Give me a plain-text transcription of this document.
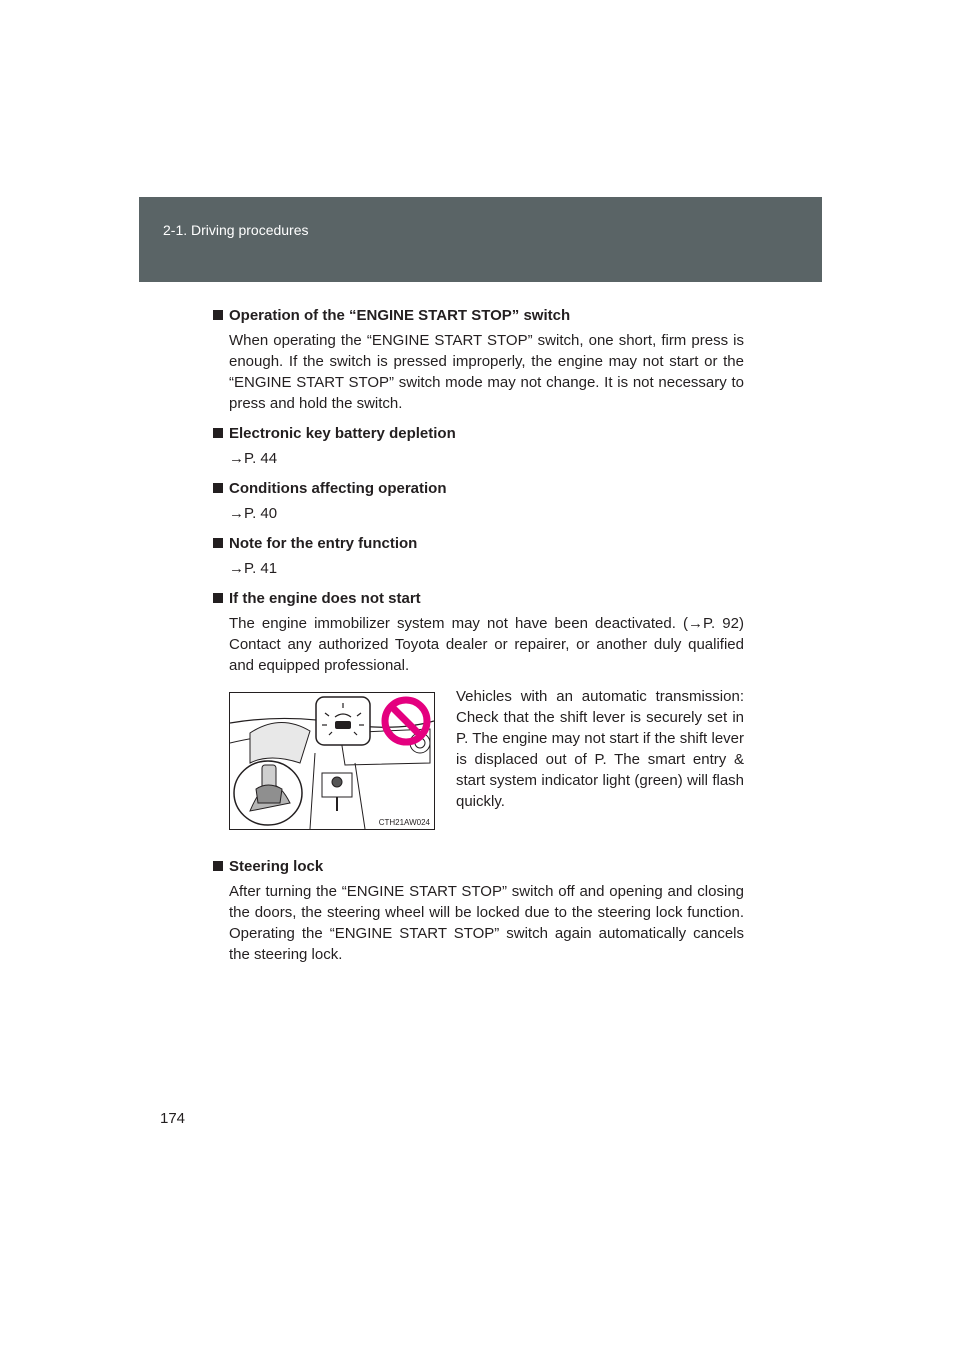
2-1. Driving procedures

Operation of the “ENGINE START STOP” switch

When operating the “ENGINE START STOP” switch, one short, firm press is enough. If the switch is pressed improperly, the engine may not start or the “ENGINE START STOP” switch mode may not change. It is not necessary to press and hold the switch.

Electronic key battery depletion

→P. 44

Conditions affecting operation

→P. 40

Note for the entry function

→P. 41

If the engine does not start

The engine immobilizer system may not have been deactivated. (→P. 92) Contact any authorized Toyota dealer or repairer, or another duly qualified and equipped professional.

CTH21AW024

Vehicles with an automatic transmission: Check that the shift lever is securely set in P. The engine may not start if the shift lever is displaced out of P. The smart entry & start system indicator light (green) will flash quickly.

Steering lock

After turning the “ENGINE START STOP” switch off and opening and closing the doors, the steering wheel will be locked due to the steering lock function. Operating the “ENGINE START STOP” switch again automatically cancels the steering lock.

174
